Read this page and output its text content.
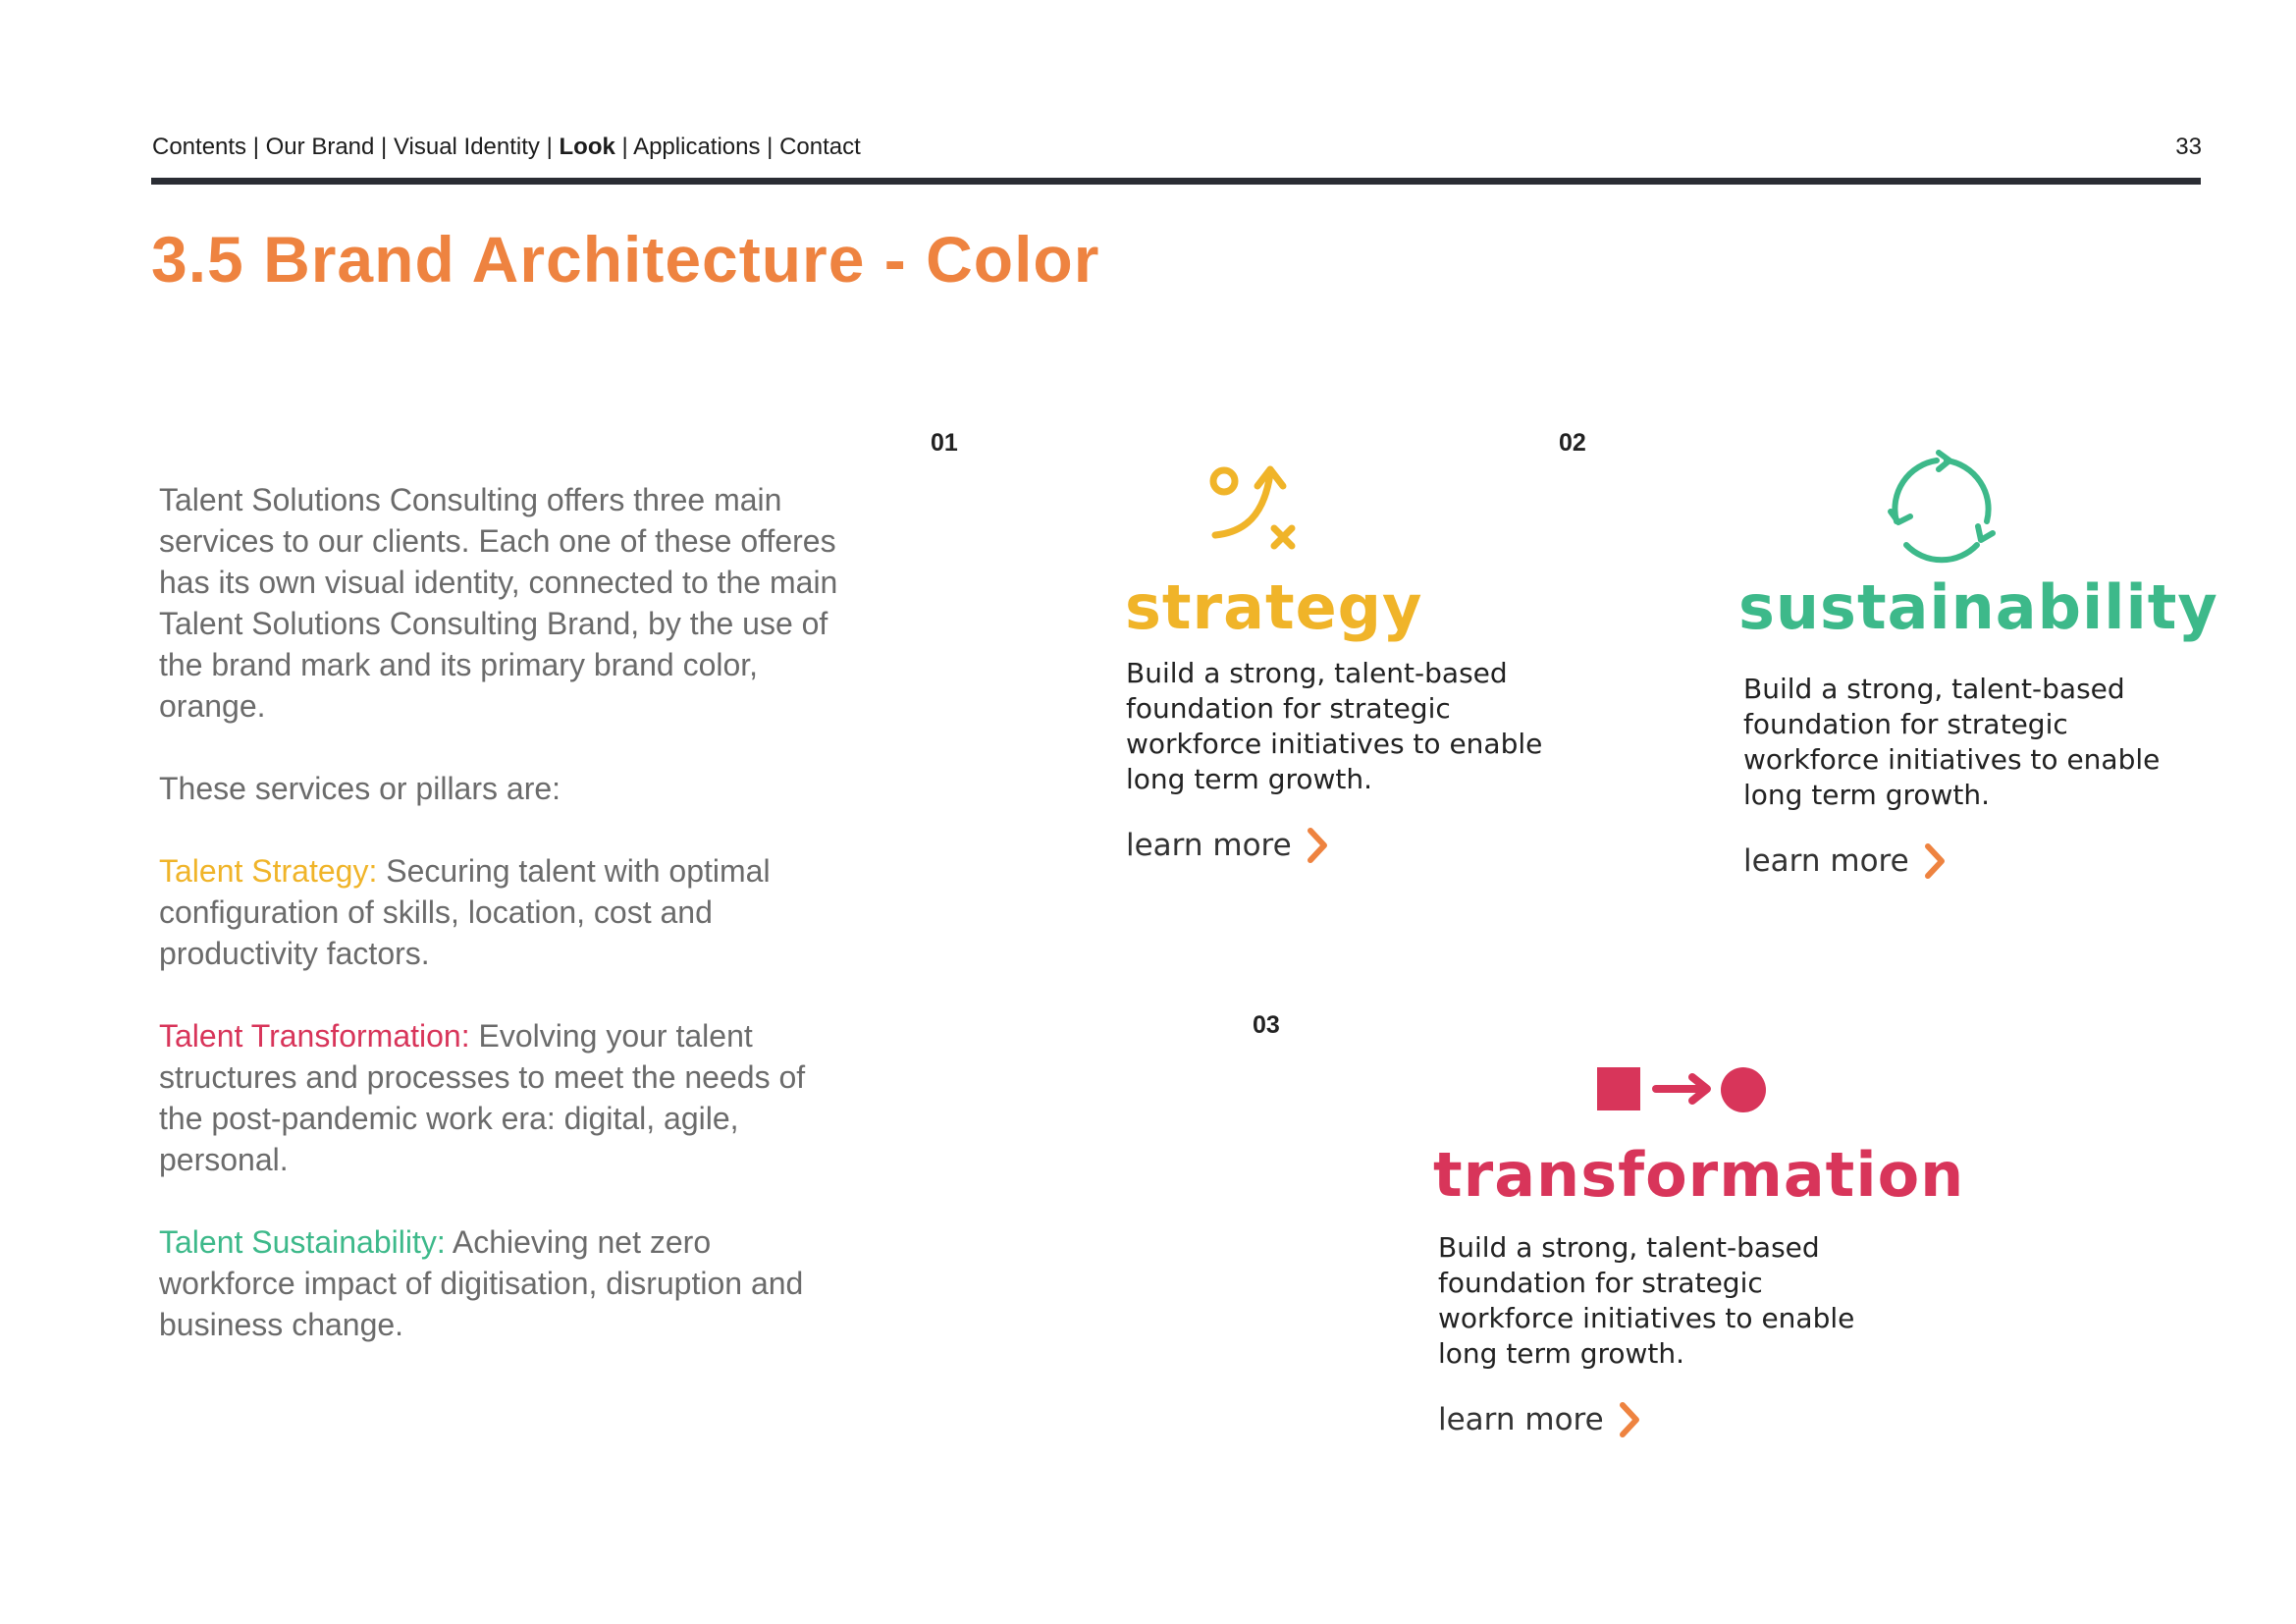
Contents | Our Brand | Visual Identity | Look | Applications | Contact	33
3.5 Brand Architecture - Color

Talent Solutions Consulting offers three main services to our clients. Each one of these offeres has its own visual identity, connected to the main Talent Solutions Consulting Brand, by the use of the brand mark and its primary brand color, orange.

These services or pillars are:

Talent Strategy: Securing talent with optimal configuration of skills, location, cost and productivity factors.

Talent Transformation: Evolving your talent structures and processes to meet the needs of the post-pandemic work era: digital, agile, personal.

Talent Sustainability: Achieving net zero workforce impact of digitisation, disruption and business change.

01
strategy
Build a strong, talent-based foundation for strategic workforce initiatives to enable long term growth.
learn more
02
sustainability
Build a strong, talent-based foundation for strategic workforce initiatives to enable long term growth.
learn more
03
transformation
Build a strong, talent-based foundation for strategic workforce initiatives to enable long term growth.
learn more
